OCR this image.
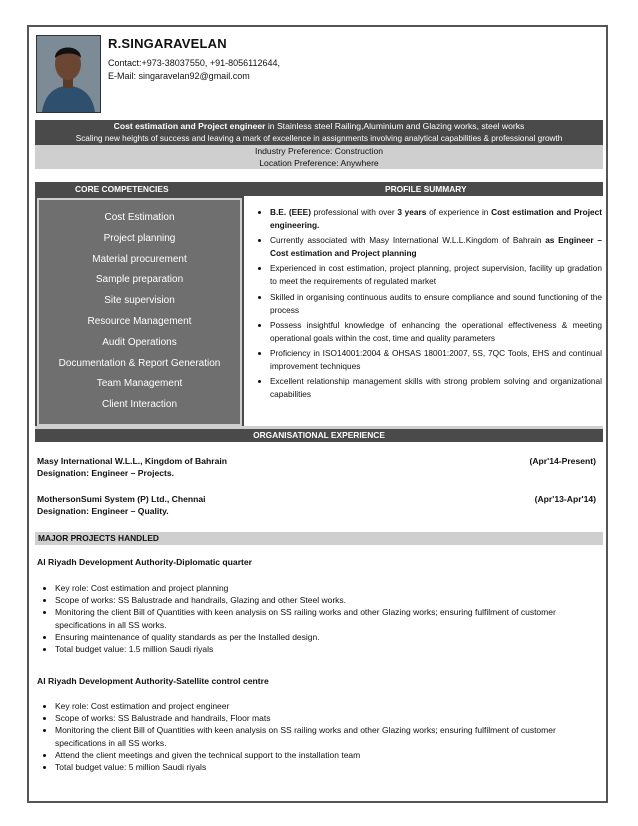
R.SINGARAVELAN
Contact:+973-38037550, +91-8056112644,
E-Mail: singaravelan92@gmail.com
Cost estimation and Project engineer in Stainless steel Railing,Aluminium and Glazing works, steel works
Scaling new heights of success and leaving a mark of excellence in assignments involving analytical capabilities & professional growth
Industry Preference: Construction
Location Preference: Anywhere
CORE COMPETENCIES	PROFILE SUMMARY
Cost Estimation
Project planning
Material procurement
Sample preparation
Site supervision
Resource Management
Audit Operations
Documentation & Report Generation
Team Management
Client Interaction
• B.E. (EEE) professional with over 3 years of experience in Cost estimation and Project engineering.
• Currently associated with Masy International W.L.L.Kingdom of Bahrain as Engineer –Cost estimation and Project planning
• Experienced in cost estimation, project planning, project supervision, facility up gradation to meet the requirements of regulated market
• Skilled in organising continuous audits to ensure compliance and sound functioning of the process
• Possess insightful knowledge of enhancing the operational effectiveness & meeting operational goals within the cost, time and quality parameters
• Proficiency in ISO14001:2004 & OHSAS 18001:2007, 5S, 7QC Tools, EHS and continual improvement techniques
• Excellent relationship management skills with strong problem solving and organizational capabilities
ORGANISATIONAL EXPERIENCE
Masy International W.L.L., Kingdom of Bahrain	(Apr'14-Present)
Designation: Engineer – Projects.
MothersonSumi System (P) Ltd., Chennai	(Apr'13-Apr'14)
Designation: Engineer – Quality.
MAJOR PROJECTS HANDLED
Al Riyadh Development Authority-Diplomatic quarter
• Key role: Cost estimation and project planning
• Scope of works: SS Balustrade and handrails, Glazing and other Steel works.
• Monitoring the client Bill of Quantities with keen analysis on SS railing works and other Glazing works; ensuring fulfilment of customer specifications in all SS works.
• Ensuring maintenance of quality standards as per the Installed design.
• Total budget value: 1.5 million Saudi riyals
Al Riyadh Development Authority-Satellite control centre
• Key role: Cost estimation and project engineer
• Scope of works: SS Balustrade and handrails, Floor mats
• Monitoring the client Bill of Quantities with keen analysis on SS railing works and other Glazing works; ensuring fulfilment of customer specifications in all SS works.
• Attend the client meetings and given the technical support to the installation team
• Total budget value: 5 million Saudi riyals
